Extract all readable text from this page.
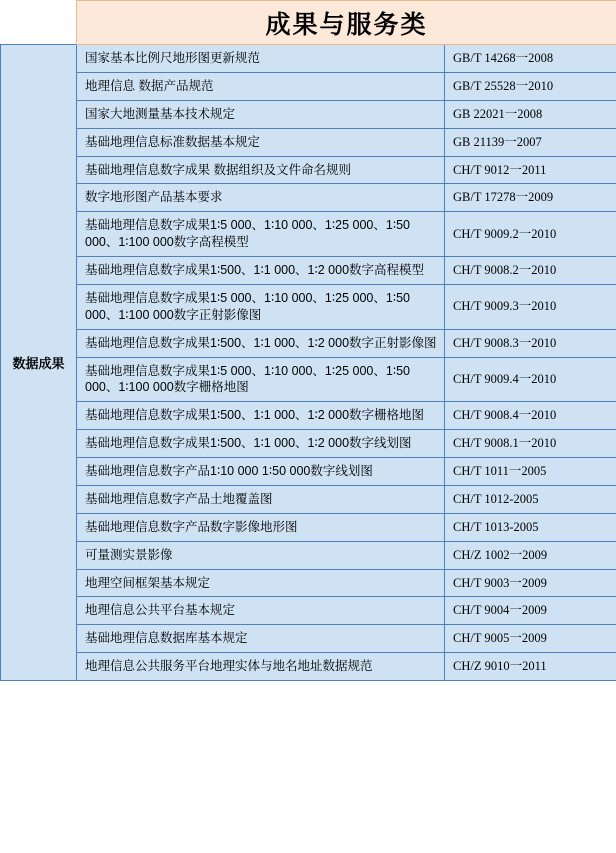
	成果与服务类	
数据成果	国家基本比例尺地形图更新规范	GB/T 14268一2008
	地理信息 数据产品规范	GB/T 25528一2010
	国家大地测量基本技术规定	GB 22021一2008
	基础地理信息标准数据基本规定	GB 21139一2007
	基础地理信息数字成果 数据组织及文件命名规则	CH/T 9012一2011
	数字地形图产品基本要求	GB/T 17278一2009
	基础地理信息数字成果1∶5 000、1∶10 000、1∶25 000、1∶50 000、1∶100 000数字高程模型	CH/T 9009.2一2010
	基础地理信息数字成果1∶500、1∶1 000、1∶2 000数字高程模型	CH/T 9008.2一2010
	基础地理信息数字成果1∶5 000、1∶10 000、1∶25 000、1∶50 000、1∶100 000数字正射影像图	CH/T 9009.3一2010
	基础地理信息数字成果1∶500、1∶1 000、1∶2 000数字正射影像图	CH/T 9008.3一2010
	基础地理信息数字成果1∶5 000、1∶10 000、1∶25 000、1∶50 000、1∶100 000数字栅格地图	CH/T 9009.4一2010
	基础地理信息数字成果1∶500、1∶1 000、1∶2 000数字栅格地图	CH/T 9008.4一2010
	基础地理信息数字成果1∶500、1∶1 000、1∶2 000数字线划图	CH/T 9008.1一2010
	基础地理信息数字产品1∶10 000 1∶50 000数字线划图	CH/T 1011一2005
	基础地理信息数字产品土地覆盖图	CH/T 1012-2005
	基础地理信息数字产品数字影像地形图	CH/T 1013-2005
	可量测实景影像	CH/Z 1002一2009
	地理空间框架基本规定	CH/T 9003一2009
	地理信息公共平台基本规定	CH/T 9004一2009
	基础地理信息数据库基本规定	CH/T 9005一2009
	地理信息公共服务平台地理实体与地名地址数据规范	CH/Z 9010一2011
